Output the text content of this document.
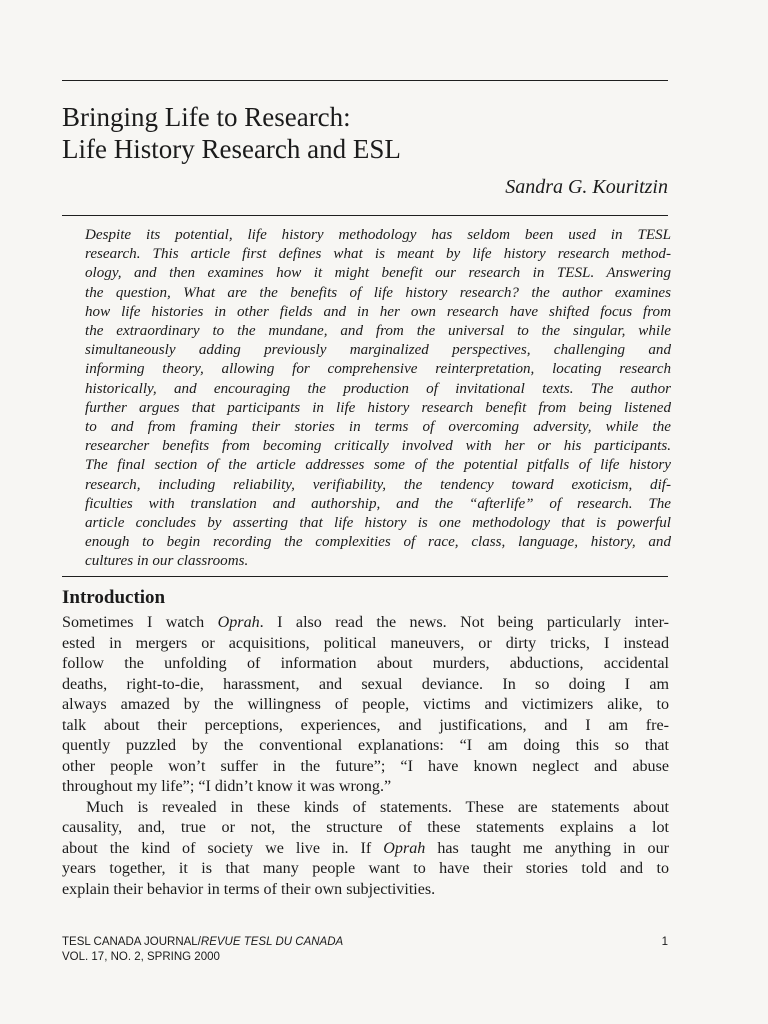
Bringing Life to Research:
Life History Research and ESL
Sandra G. Kouritzin

Despite its potential, life history methodology has seldom been used in TESL
research. This article first defines what is meant by life history research method-
ology, and then examines how it might benefit our research in TESL. Answering
the question, What are the benefits of life history research? the author examines
how life histories in other fields and in her own research have shifted focus from
the extraordinary to the mundane, and from the universal to the singular, while
simultaneously adding previously marginalized perspectives, challenging and
informing theory, allowing for comprehensive reinterpretation, locating research
historically, and encouraging the production of invitational texts. The author
further argues that participants in life history research benefit from being listened
to and from framing their stories in terms of overcoming adversity, while the
researcher benefits from becoming critically involved with her or his participants.
The final section of the article addresses some of the potential pitfalls of life history
research, including reliability, verifiability, the tendency toward exoticism, dif-
ficulties with translation and authorship, and the “afterlife” of research. The
article concludes by asserting that life history is one methodology that is powerful
enough to begin recording the complexities of race, class, language, history, and
cultures in our classrooms.

Introduction
Sometimes I watch Oprah. I also read the news. Not being particularly inter-
ested in mergers or acquisitions, political maneuvers, or dirty tricks, I instead
follow the unfolding of information about murders, abductions, accidental
deaths, right-to-die, harassment, and sexual deviance. In so doing I am
always amazed by the willingness of people, victims and victimizers alike, to
talk about their perceptions, experiences, and justifications, and I am fre-
quently puzzled by the conventional explanations: “I am doing this so that
other people won’t suffer in the future”; “I have known neglect and abuse
throughout my life”; “I didn’t know it was wrong.”
Much is revealed in these kinds of statements. These are statements about
causality, and, true or not, the structure of these statements explains a lot
about the kind of society we live in. If Oprah has taught me anything in our
years together, it is that many people want to have their stories told and to
explain their behavior in terms of their own subjectivities.
TESL CANADA JOURNAL/REVUE TESL DU CANADA
VOL. 17, NO. 2, SPRING 2000
1
